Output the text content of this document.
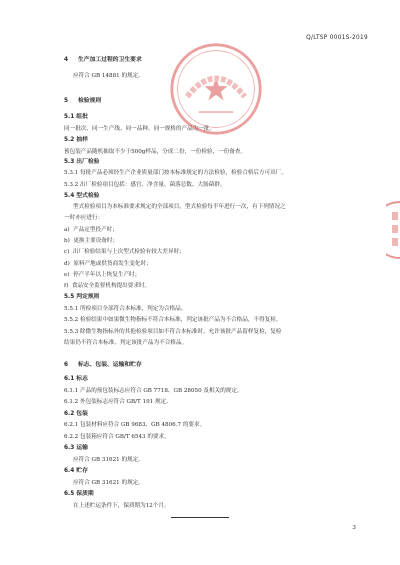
Q/LTSP 0001S-2019
4 生产加工过程的卫生要求
应符合 GB 14881 的规定。
5 检验规则
5.1 组批
同一批次、同一生产线、同一品种、同一规格的产品为一批。
5.2 抽样
预包装产品随机抽取不少于500g样品，分成二份，一份检验，一份备查。
5.3 出厂检验
5.3.1 每批产品必须经生产企业质量部门按本标准规定的方法检验，检验合格后方可出厂。
5.3.2 出厂检验项目包括：感官、净含量、菌落总数、大肠菌群。
5.4 型式检验
型式检验项目为本标准要求规定的全部项目。型式检验每半年进行一次，有下列情况之
一时亦应进行：
a) 产品定型投产时；
b) 更换主要设备时；
c) 出厂检验结果与上次型式检验有较大差异时；
d) 原料产地或供货商发生变化时；
e) 停产半年以上恢复生产时；
f) 食品安全监督机构提出要求时。
5.5 判定规则
5.5.1 所检项目全部符合本标准，判定为合格品。
5.5.2 检验结果中如果微生物指标不符合本标准，判定该批产品为不合格品，不得复检。
5.5.3 除微生物指标外的其他检验项目如不符合本标准时，允许该批产品留样复检，复检
结果仍不符合本标准，判定该批产品为不合格品。
6 标志、包装、运输和贮存
6.1 标志
6.1.1 产品的预包装标志应符合 GB 7718、GB 28050 及相关的规定。
6.1.2 外包装标志应符合 GB/T 191 规定。
6.2 包装
6.2.1 包装材料应符合 GB 9683、GB 4806.7 的要求。
6.2.2 包装箱应符合 GB/T 6543 的要求。
6.3 运输
应符合 GB 31621 的规定。
6.4 贮存
应符合 GB 31621 的规定。
6.5 保质期
在上述贮运条件下，保质期为12个月。
3
